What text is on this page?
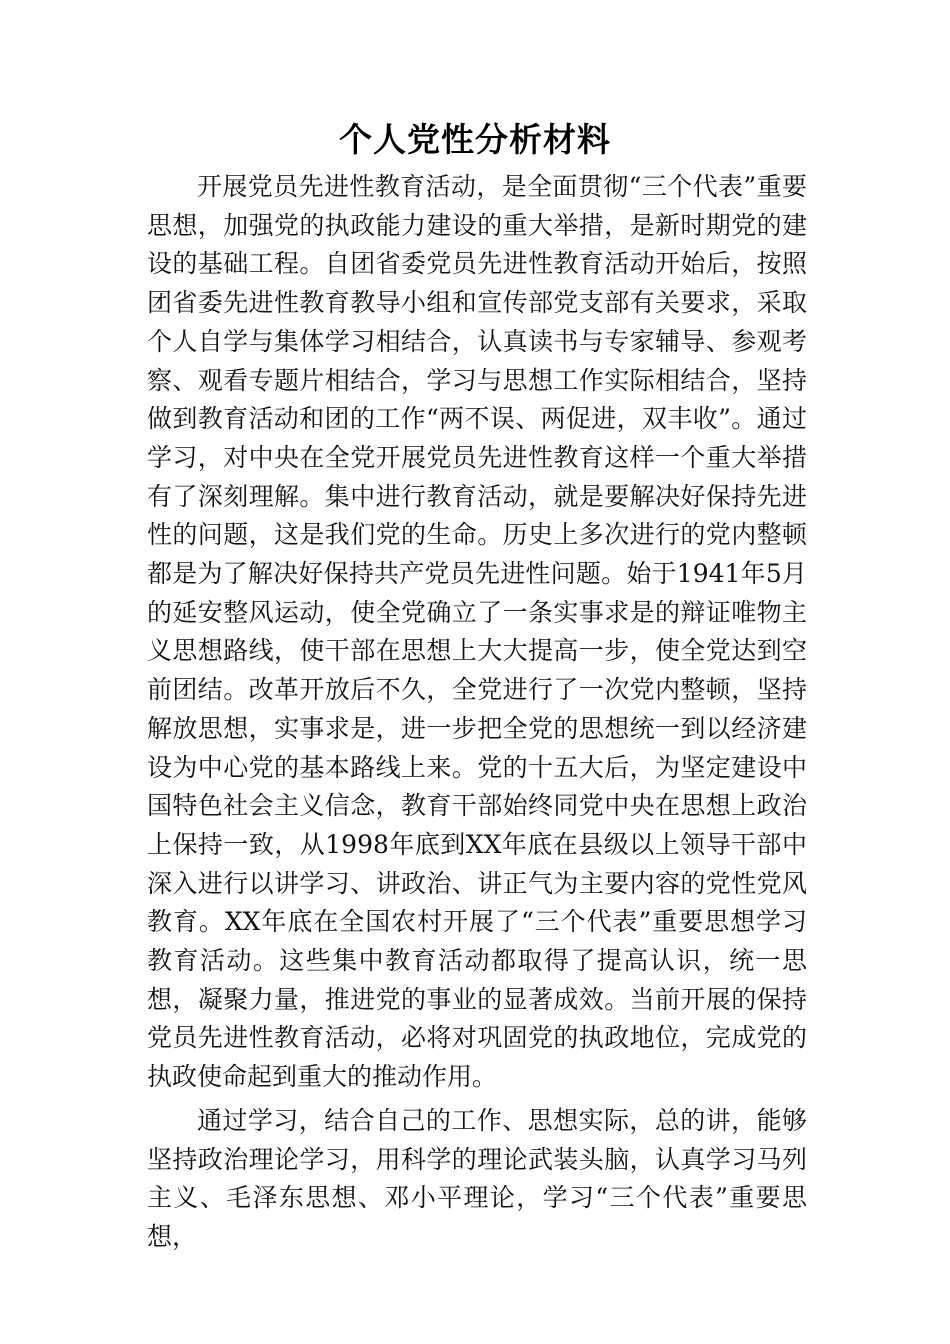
个人党性分析材料

开展党员先进性教育活动，是全面贯彻“三个代表”重要思想，加强党的执政能力建设的重大举措，是新时期党的建设的基础工程。自团省委党员先进性教育活动开始后，按照团省委先进性教育教导小组和宣传部党支部有关要求，采取个人自学与集体学习相结合，认真读书与专家辅导、参观考察、观看专题片相结合，学习与思想工作实际相结合，坚持做到教育活动和团的工作“两不误、两促进，双丰收”。通过学习，对中央在全党开展党员先进性教育这样一个重大举措有了深刻理解。集中进行教育活动，就是要解决好保持先进性的问题，这是我们党的生命。历史上多次进行的党内整顿都是为了解决好保持共产党员先进性问题。始于1941年5月的延安整风运动，使全党确立了一条实事求是的辩证唯物主义思想路线，使干部在思想上大大提高一步，使全党达到空前团结。改革开放后不久，全党进行了一次党内整顿，坚持解放思想，实事求是，进一步把全党的思想统一到以经济建设为中心党的基本路线上来。党的十五大后，为坚定建设中国特色社会主义信念，教育干部始终同党中央在思想上政治上保持一致，从1998年底到XX年底在县级以上领导干部中深入进行以讲学习、讲政治、讲正气为主要内容的党性党风教育。XX年底在全国农村开展了“三个代表”重要思想学习教育活动。这些集中教育活动都取得了提高认识，统一思想，凝聚力量，推进党的事业的显著成效。当前开展的保持党员先进性教育活动，必将对巩固党的执政地位，完成党的执政使命起到重大的推动作用。

通过学习，结合自己的工作、思想实际，总的讲，能够坚持政治理论学习，用科学的理论武装头脑，认真学习马列主义、毛泽东思想、邓小平理论，学习“三个代表”重要思想，
